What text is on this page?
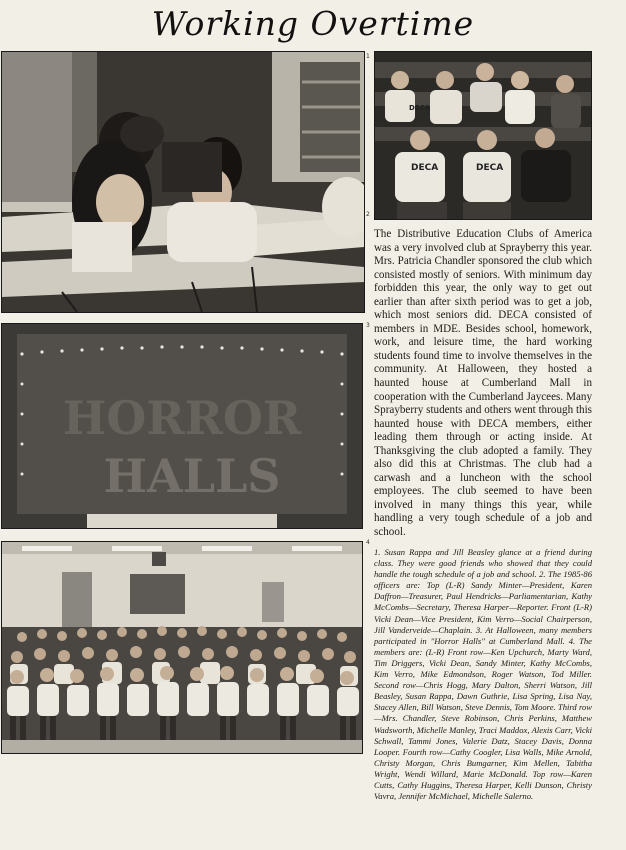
Working Overtime
1
DECA
DECA	DECA
2
HORROR
HALLS
3
4

The Distributive Education Clubs of America was a very involved club at Sprayberry this year. Mrs. Patricia Chandler sponsored the club which consisted mostly of seniors. With minimum day forbidden this year, the only way to get out earlier than after sixth period was to get a job, which most seniors did. DECA consisted of members in MDE. Besides school, homework, work, and leisure time, the hard working students found time to involve themselves in the community. At Halloween, they hosted a haunted house at Cumberland Mall in cooperation with the Cumberland Jaycees. Many Sprayberry students and others went through this haunted house with DECA members, either leading them through or acting inside. At Thanksgiving the club adopted a family. They also did this at Christmas. The club had a carwash and a luncheon with the school employees. The club seemed to have been involved in many things this year, while handling a very tough schedule of a job and school.

1. Susan Rappa and Jill Beasley glance at a friend during class. They were good friends who showed that they could handle the tough schedule of a job and school. 2. The 1985-86 officers are: Top (L-R) Sandy Minter—President, Karen Daffron—Treasurer, Paul Hendricks—Parliamentarian, Kathy McCombs—Secretary, Theresa Harper—Reporter. Front (L-R) Vicki Dean—Vice President, Kim Verro—Social Chairperson, Jill Vanderveide—Chaplain. 3. At Halloween, many members participated in "Horror Halls" at Cumberland Mall. 4. The members are: (L-R) Front row—Ken Upchurch, Marty Ward, Tim Driggers, Vicki Dean, Sandy Minter, Kathy McCombs, Kim Verro, Mike Edmondson, Roger Watson, Tod Miller. Second row—Chris Hogg, Mary Dalton, Sherri Watson, Jill Beasley, Susan Rappa, Dawn Guthrie, Lisa Spring, Lisa Nay, Stacey Allen, Bill Watson, Steve Dennis, Tom Moore. Third row—Mrs. Chandler, Steve Robinson, Chris Perkins, Matthew Wadsworth, Michelle Manley, Traci Maddox, Alexis Carr, Vicki Schwall, Tammi Jones, Valerie Datz, Stacey Davis, Donna Looper. Fourth row—Cathy Coogler, Lisa Walls, Mike Arnold, Christy Morgan, Chris Bumgarner, Kim Mellen, Tabitha Wright, Wendi Willard, Marie McDonald. Top row—Karen Cutts, Cathy Huggins, Theresa Harper, Kelli Dunson, Christy Vavra, Jennifer McMichael, Michelle Salerno.
